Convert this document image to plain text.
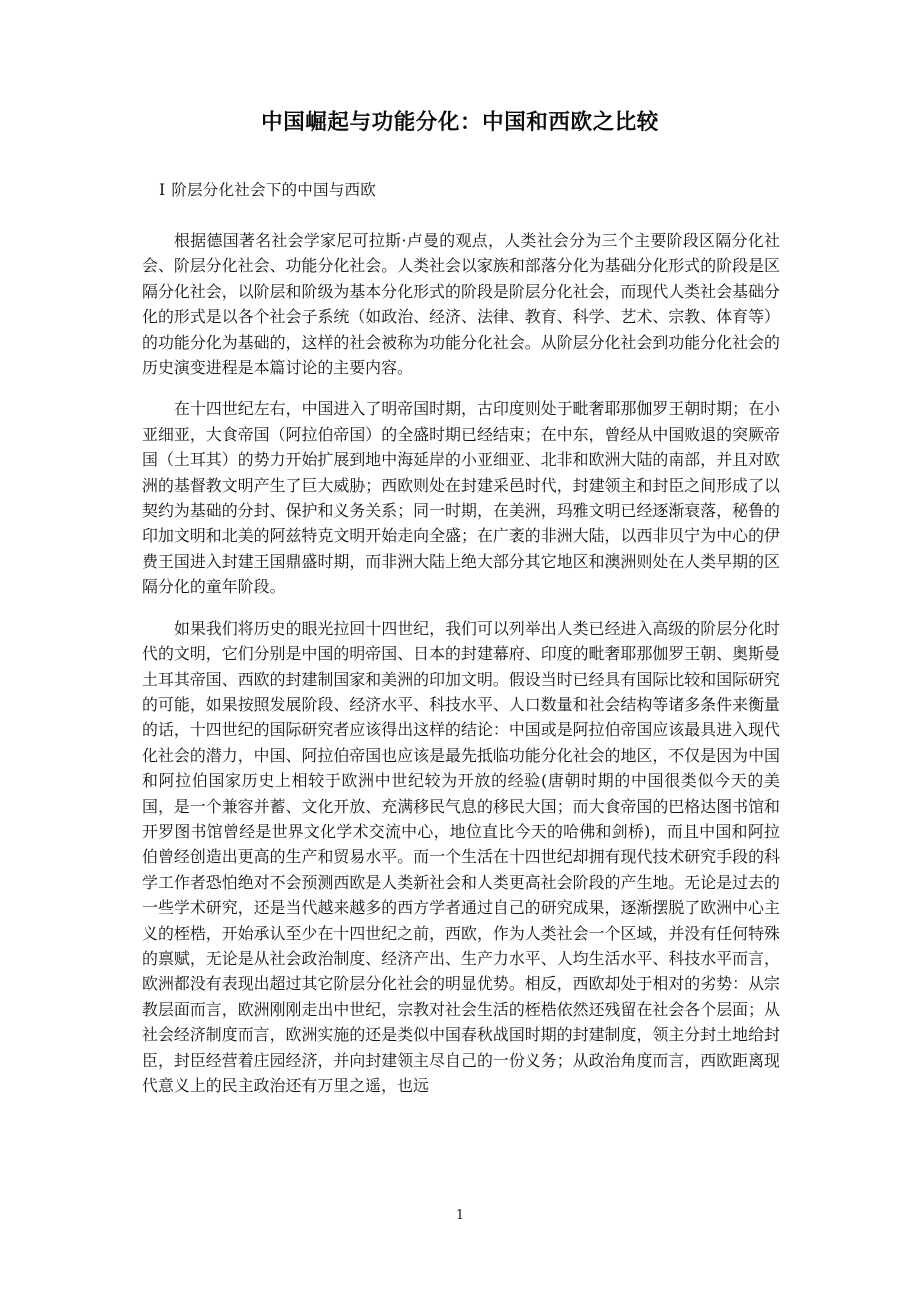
中国崛起与功能分化：中国和西欧之比较
I 阶层分化社会下的中国与西欧

根据德国著名社会学家尼可拉斯·卢曼的观点，人类社会分为三个主要阶段区隔分化社会、阶层分化社会、功能分化社会。人类社会以家族和部落分化为基础分化形式的阶段是区隔分化社会，以阶层和阶级为基本分化形式的阶段是阶层分化社会，而现代人类社会基础分化的形式是以各个社会子系统（如政治、经济、法律、教育、科学、艺术、宗教、体育等）的功能分化为基础的，这样的社会被称为功能分化社会。从阶层分化社会到功能分化社会的历史演变进程是本篇讨论的主要内容。

在十四世纪左右，中国进入了明帝国时期，古印度则处于毗奢耶那伽罗王朝时期；在小亚细亚，大食帝国（阿拉伯帝国）的全盛时期已经结束；在中东，曾经从中国败退的突厥帝国（土耳其）的势力开始扩展到地中海延岸的小亚细亚、北非和欧洲大陆的南部，并且对欧洲的基督教文明产生了巨大威胁；西欧则处在封建采邑时代，封建领主和封臣之间形成了以契约为基础的分封、保护和义务关系；同一时期，在美洲，玛雅文明已经逐渐衰落，秘鲁的印加文明和北美的阿兹特克文明开始走向全盛；在广袤的非洲大陆，以西非贝宁为中心的伊费王国进入封建王国鼎盛时期，而非洲大陆上绝大部分其它地区和澳洲则处在人类早期的区隔分化的童年阶段。

如果我们将历史的眼光拉回十四世纪，我们可以列举出人类已经进入高级的阶层分化时代的文明，它们分别是中国的明帝国、日本的封建幕府、印度的毗奢耶那伽罗王朝、奥斯曼土耳其帝国、西欧的封建制国家和美洲的印加文明。假设当时已经具有国际比较和国际研究的可能，如果按照发展阶段、经济水平、科技水平、人口数量和社会结构等诸多条件来衡量的话，十四世纪的国际研究者应该得出这样的结论：中国或是阿拉伯帝国应该最具进入现代化社会的潜力，中国、阿拉伯帝国也应该是最先抵临功能分化社会的地区，不仅是因为中国和阿拉伯国家历史上相较于欧洲中世纪较为开放的经验(唐朝时期的中国很类似今天的美国，是一个兼容并蓄、文化开放、充满移民气息的移民大国；而大食帝国的巴格达图书馆和开罗图书馆曾经是世界文化学术交流中心，地位直比今天的哈佛和剑桥)，而且中国和阿拉伯曾经创造出更高的生产和贸易水平。而一个生活在十四世纪却拥有现代技术研究手段的科学工作者恐怕绝对不会预测西欧是人类新社会和人类更高社会阶段的产生地。无论是过去的一些学术研究，还是当代越来越多的西方学者通过自己的研究成果，逐渐摆脱了欧洲中心主义的桎梏，开始承认至少在十四世纪之前，西欧，作为人类社会一个区域，并没有任何特殊的禀赋，无论是从社会政治制度、经济产出、生产力水平、人均生活水平、科技水平而言，欧洲都没有表现出超过其它阶层分化社会的明显优势。相反，西欧却处于相对的劣势：从宗教层面而言，欧洲刚刚走出中世纪，宗教对社会生活的桎梏依然还残留在社会各个层面；从社会经济制度而言，欧洲实施的还是类似中国春秋战国时期的封建制度，领主分封土地给封臣，封臣经营着庄园经济，并向封建领主尽自己的一份义务；从政治角度而言，西欧距离现代意义上的民主政治还有万里之遥，也远

1
